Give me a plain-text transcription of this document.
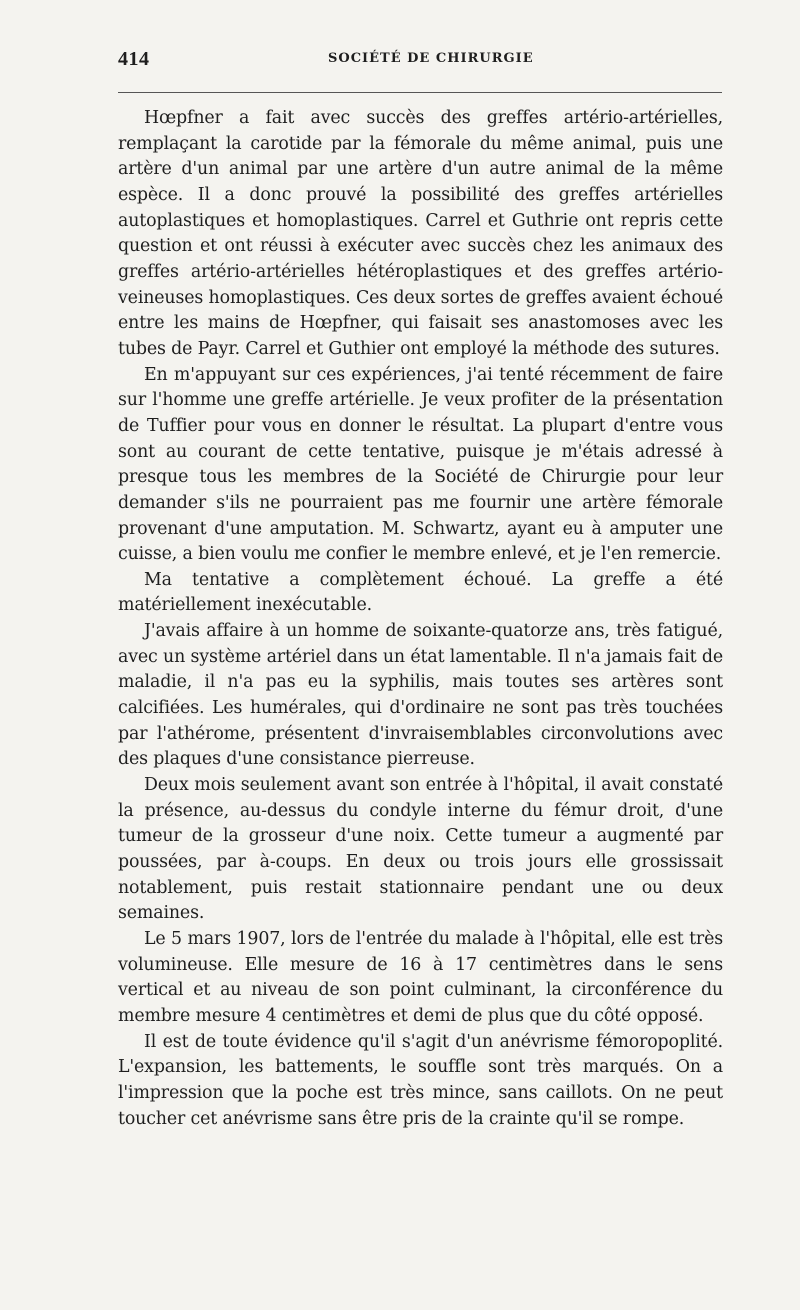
414	SOCIÉTÉ DE CHIRURGIE

Hœpfner a fait avec succès des greffes artério-artérielles, remplaçant la carotide par la fémorale du même animal, puis une artère d'un animal par une artère d'un autre animal de la même espèce. Il a donc prouvé la possibilité des greffes artérielles autoplastiques et homoplastiques. Carrel et Guthrie ont repris cette question et ont réussi à exécuter avec succès chez les animaux des greffes artério-artérielles hétéroplastiques et des greffes artério-veineuses homoplastiques. Ces deux sortes de greffes avaient échoué entre les mains de Hœpfner, qui faisait ses anastomoses avec les tubes de Payr. Carrel et Guthier ont employé la méthode des sutures.

En m'appuyant sur ces expériences, j'ai tenté récemment de faire sur l'homme une greffe artérielle. Je veux profiter de la présentation de Tuffier pour vous en donner le résultat. La plupart d'entre vous sont au courant de cette tentative, puisque je m'étais adressé à presque tous les membres de la Société de Chirurgie pour leur demander s'ils ne pourraient pas me fournir une artère fémorale provenant d'une amputation. M. Schwartz, ayant eu à amputer une cuisse, a bien voulu me confier le membre enlevé, et je l'en remercie.

Ma tentative a complètement échoué. La greffe a été matériellement inexécutable.

J'avais affaire à un homme de soixante-quatorze ans, très fatigué, avec un système artériel dans un état lamentable. Il n'a jamais fait de maladie, il n'a pas eu la syphilis, mais toutes ses artères sont calcifiées. Les humérales, qui d'ordinaire ne sont pas très touchées par l'athérome, présentent d'invraisemblables circonvolutions avec des plaques d'une consistance pierreuse.

Deux mois seulement avant son entrée à l'hôpital, il avait constaté la présence, au-dessus du condyle interne du fémur droit, d'une tumeur de la grosseur d'une noix. Cette tumeur a augmenté par poussées, par à-coups. En deux ou trois jours elle grossissait notablement, puis restait stationnaire pendant une ou deux semaines.

Le 5 mars 1907, lors de l'entrée du malade à l'hôpital, elle est très volumineuse. Elle mesure de 16 à 17 centimètres dans le sens vertical et au niveau de son point culminant, la circonférence du membre mesure 4 centimètres et demi de plus que du côté opposé.

Il est de toute évidence qu'il s'agit d'un anévrisme fémoropoplité. L'expansion, les battements, le souffle sont très marqués. On a l'impression que la poche est très mince, sans caillots. On ne peut toucher cet anévrisme sans être pris de la crainte qu'il se rompe.
